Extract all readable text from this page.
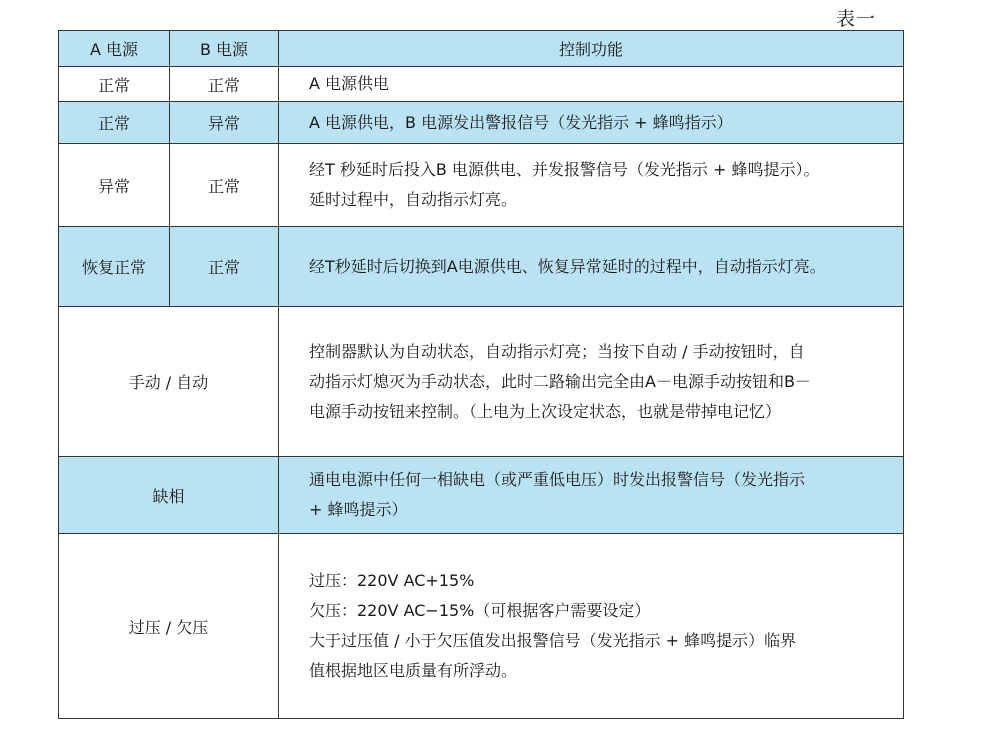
表一
A 电源	B 电源	控制功能
正常	正常	A 电源供电

正常	异常	A 电源供电，B 电源发出警报信号（发光指示 + 蜂鸣指示）

异常	正常	经T 秒延时后投入B 电源供电、并发报警信号（发光指示 + 蜂鸣提示）。
延时过程中，自动指示灯亮。

恢复正常	正常	经T秒延时后切换到A电源供电、恢复异常延时的过程中，自动指示灯亮。

手动 / 自动		控制器默认为自动状态，自动指示灯亮；当按下自动 / 手动按钮时，自
动指示灯熄灭为手动状态，此时二路输出完全由A－电源手动按钮和B－
电源手动按钮来控制。（上电为上次设定状态，也就是带掉电记忆）

缺相		通电电源中任何一相缺电（或严重低电压）时发出报警信号（发光指示
+ 蜂鸣提示）

过压 / 欠压		过压：220V AC+15%
欠压：220V AC−15%（可根据客户需要设定）
大于过压值 / 小于欠压值发出报警信号（发光指示 + 蜂鸣提示）临界
值根据地区电质量有所浮动。
